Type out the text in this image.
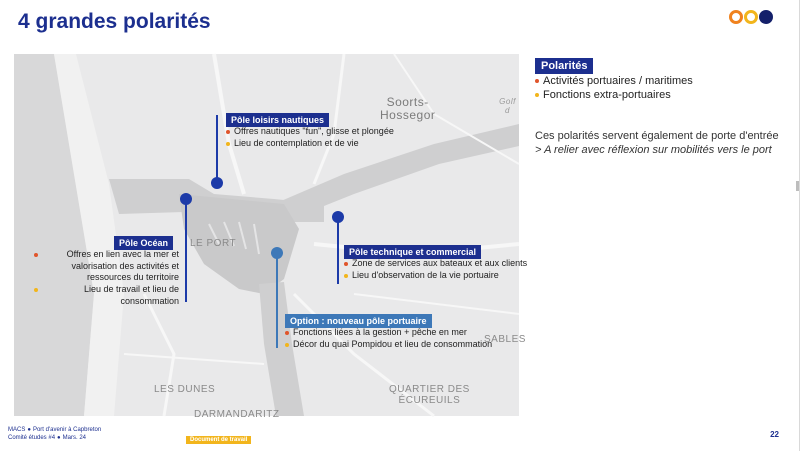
4 grandes polarités
Soorts-
Hossegor
Golf d
LE PORT
LES DUNES	QUARTIER DES
ÉCUREUILS
DARMANDARITZ
SABLES
Pôle loisirs nautiques
Offres nautiques "fun", glisse et plongée
Lieu de contemplation et de vie
Pôle Océan
Offres en lien avec la mer et valorisation des activités et ressources du territoire
Lieu de travail et lieu de consommation
Pôle technique et commercial
Zone de services aux bateaux et aux clients
Lieu d'observation de la vie portuaire
Option : nouveau pôle portuaire
Fonctions liées à la gestion + pêche en mer
Décor du quai Pompidou et lieu de consommation
Polarités
Activités portuaires / maritimes
Fonctions extra-portuaires
Ces polarités servent également de porte d'entrée
> A relier avec réflexion sur mobilités vers le port
MACS ● Port d'avenir à Capbreton
Comité études #4 ● Mars. 24	Document de travail
22
